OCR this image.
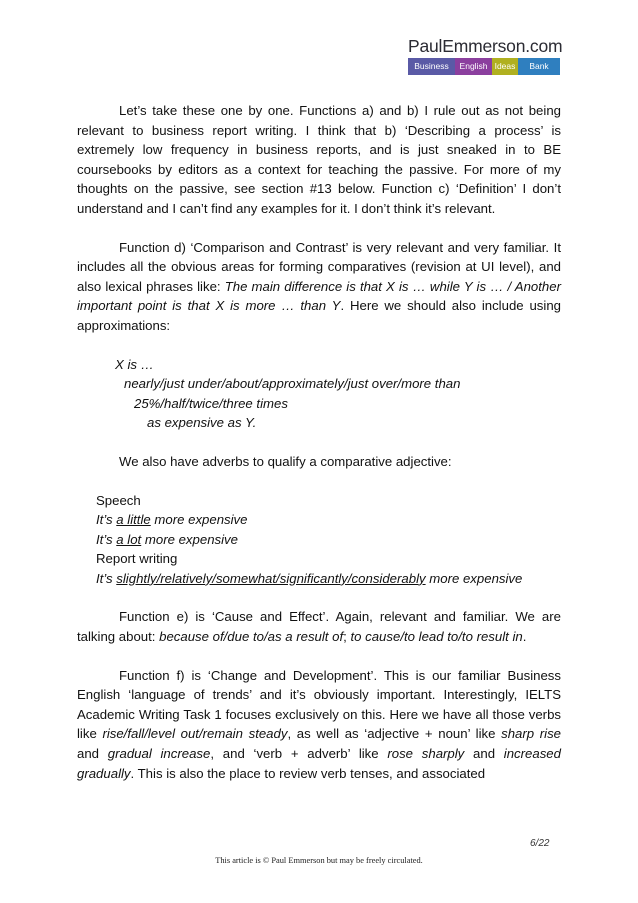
PaulEmmerson.com
Business	English Ideas	Bank

Let’s take these one by one. Functions a) and b) I rule out as not being relevant to business report writing. I think that b) ‘Describing a process’ is extremely low frequency in business reports, and is just sneaked in to BE coursebooks by editors as a context for teaching the passive. For more of my thoughts on the passive, see section #13 below. Function c) ‘Definition’ I don’t understand and I can’t find any examples for it. I don’t think it’s relevant.

Function d) ‘Comparison and Contrast’ is very relevant and very familiar. It includes all the obvious areas for forming comparatives (revision at UI level), and also lexical phrases like: The main difference is that X is … while Y is … / Another important point is that X is more … than Y. Here we should also include using approximations:

X is …

nearly/just under/about/approximately/just over/more than

25%/half/twice/three times

as expensive as Y.

We also have adverbs to qualify a comparative adjective:

Speech

It’s a little more expensive

It’s a lot more expensive

Report writing

It’s slightly/relatively/somewhat/significantly/considerably more expensive

Function e) is ‘Cause and Effect’. Again, relevant and familiar. We are talking about: because of/due to/as a result of; to cause/to lead to/to result in.

Function f) is ‘Change and Development’. This is our familiar Business English ‘language of trends’ and it’s obviously important. Interestingly, IELTS Academic Writing Task 1 focuses exclusively on this. Here we have all those verbs like rise/fall/level out/remain steady, as well as ‘adjective + noun’ like sharp rise and gradual increase, and ‘verb + adverb’ like rose sharply and increased gradually. This is also the place to review verb tenses, and associated

6/22
This article is © Paul Emmerson but may be freely circulated.
